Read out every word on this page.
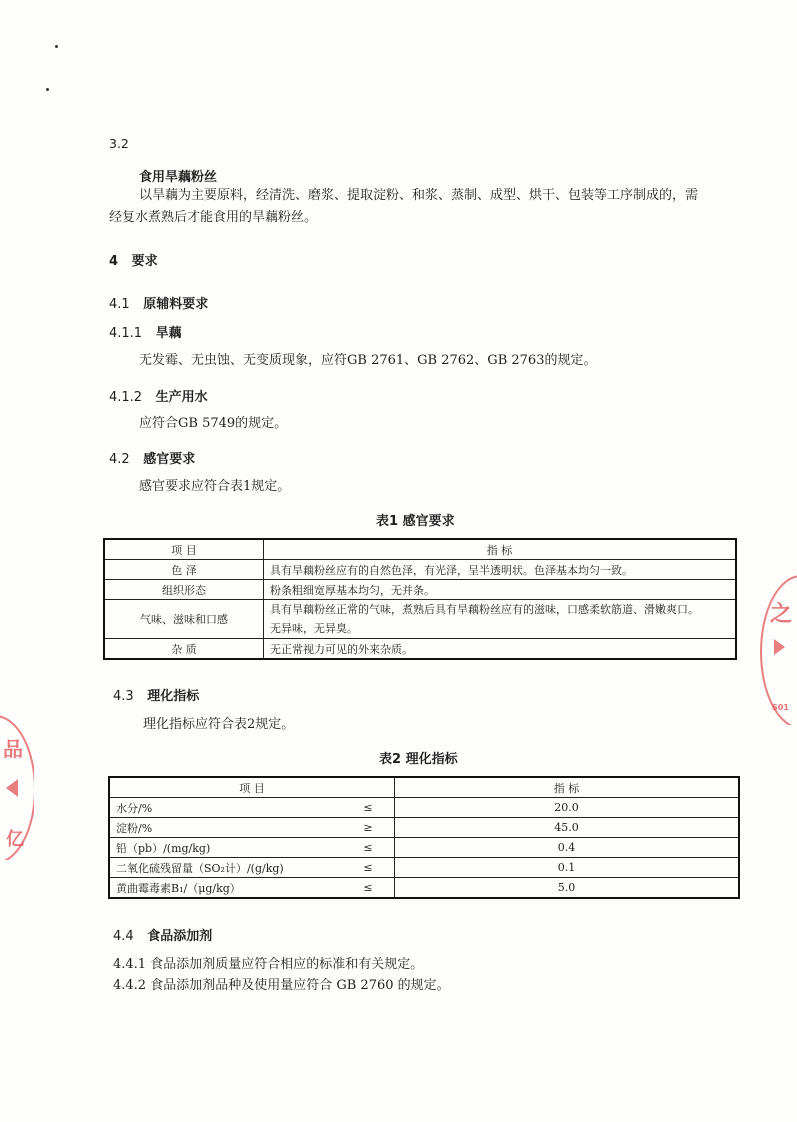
3.2
食用旱藕粉丝
以旱藕为主要原料，经清洗、磨浆、提取淀粉、和浆、蒸制、成型、烘干、包装等工序制成的，需
经复水煮熟后才能食用的旱藕粉丝。
4 要求
4.1 原辅料要求
4.1.1 旱藕
无发霉、无虫蚀、无变质现象，应符GB 2761、GB 2762、GB 2763的规定。
4.1.2 生产用水
应符合GB 5749的规定。
4.2 感官要求
感官要求应符合表1规定。
表1 感官要求
项 目	指 标
色 泽	具有旱藕粉丝应有的自然色泽，有光泽，呈半透明状。色泽基本均匀一致。
组织形态	粉条粗细宽厚基本均匀，无并条。
气味、滋味和口感	具有旱藕粉丝正常的气味，煮熟后具有旱藕粉丝应有的滋味，口感柔软筋道、滑嫩爽口。
无异味，无异臭。

杂 质	无正常视力可见的外来杂质。
4.3 理化指标
理化指标应符合表2规定。
表2 理化指标
项 目		指 标
水分/%	≤	20.0
淀粉/%	≥	45.0
铅（pb）/(mg/kg)	≤	0.4
二氧化硫残留量（SO₂计）/(g/kg)	≤	0.1
黄曲霉毒素B₁/（μg/kg）	≤	5.0
4.4 食品添加剂
4.4.1 食品添加剂质量应符合相应的标准和有关规定。
4.4.2 食品添加剂品种及使用量应符合 GB 2760 的规定。
之
S01
品
亿
